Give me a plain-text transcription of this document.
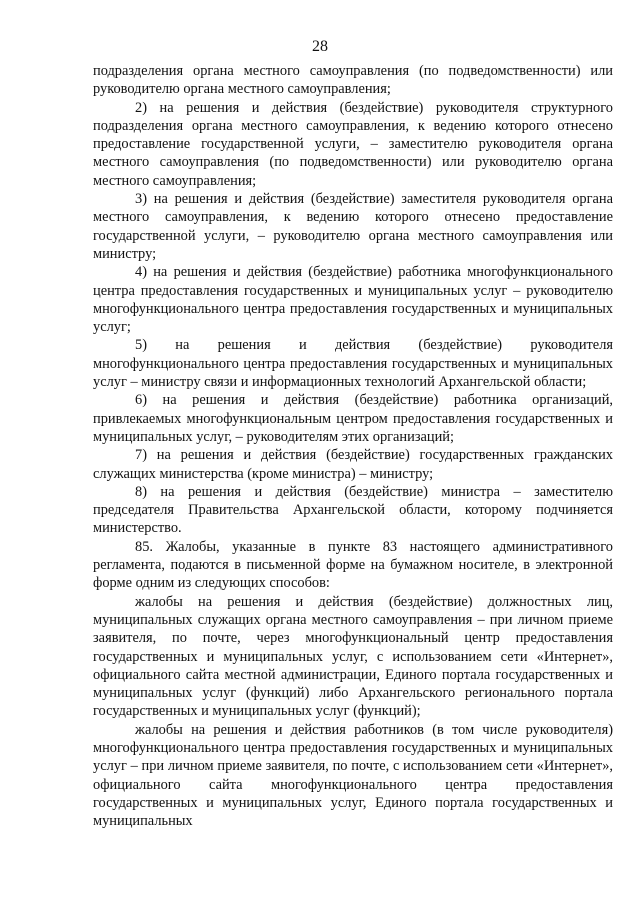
28

подразделения органа местного самоуправления (по подведомственности) или руководителю органа местного самоуправления;

2) на решения и действия (бездействие) руководителя структурного подразделения органа местного самоуправления, к ведению которого отнесено предоставление государственной услуги, – заместителю руководителя органа местного самоуправления (по подведомственности) или руководителю органа местного самоуправления;

3) на решения и действия (бездействие) заместителя руководителя органа местного самоуправления, к ведению которого отнесено предоставление государственной услуги, – руководителю органа местного самоуправления или министру;

4) на решения и действия (бездействие) работника многофункционального центра предоставления государственных и муниципальных услуг – руководителю многофункционального центра предоставления государственных и муниципальных услуг;

5) на решения и действия (бездействие) руководителя многофункционального центра предоставления государственных и муниципальных услуг – министру связи и информационных технологий Архангельской области;

6) на решения и действия (бездействие) работника организаций, привлекаемых многофункциональным центром предоставления государственных и муниципальных услуг, – руководителям этих организаций;

7) на решения и действия (бездействие) государственных гражданских служащих министерства (кроме министра) – министру;

8) на решения и действия (бездействие) министра – заместителю председателя Правительства Архангельской области, которому подчиняется министерство.

85. Жалобы, указанные в пункте 83 настоящего административного регламента, подаются в письменной форме на бумажном носителе, в электронной форме одним из следующих способов:

жалобы на решения и действия (бездействие) должностных лиц, муниципальных служащих органа местного самоуправления – при личном приеме заявителя, по почте, через многофункциональный центр предоставления государственных и муниципальных услуг, с использованием сети «Интернет», официального сайта местной администрации, Единого портала государственных и муниципальных услуг (функций) либо Архангельского регионального портала государственных и муниципальных услуг (функций);

жалобы на решения и действия работников (в том числе руководителя) многофункционального центра предоставления государственных и муниципальных услуг – при личном приеме заявителя, по почте, с использованием сети «Интернет», официального сайта многофункционального центра предоставления государственных и муниципальных услуг, Единого портала государственных и муниципальных
